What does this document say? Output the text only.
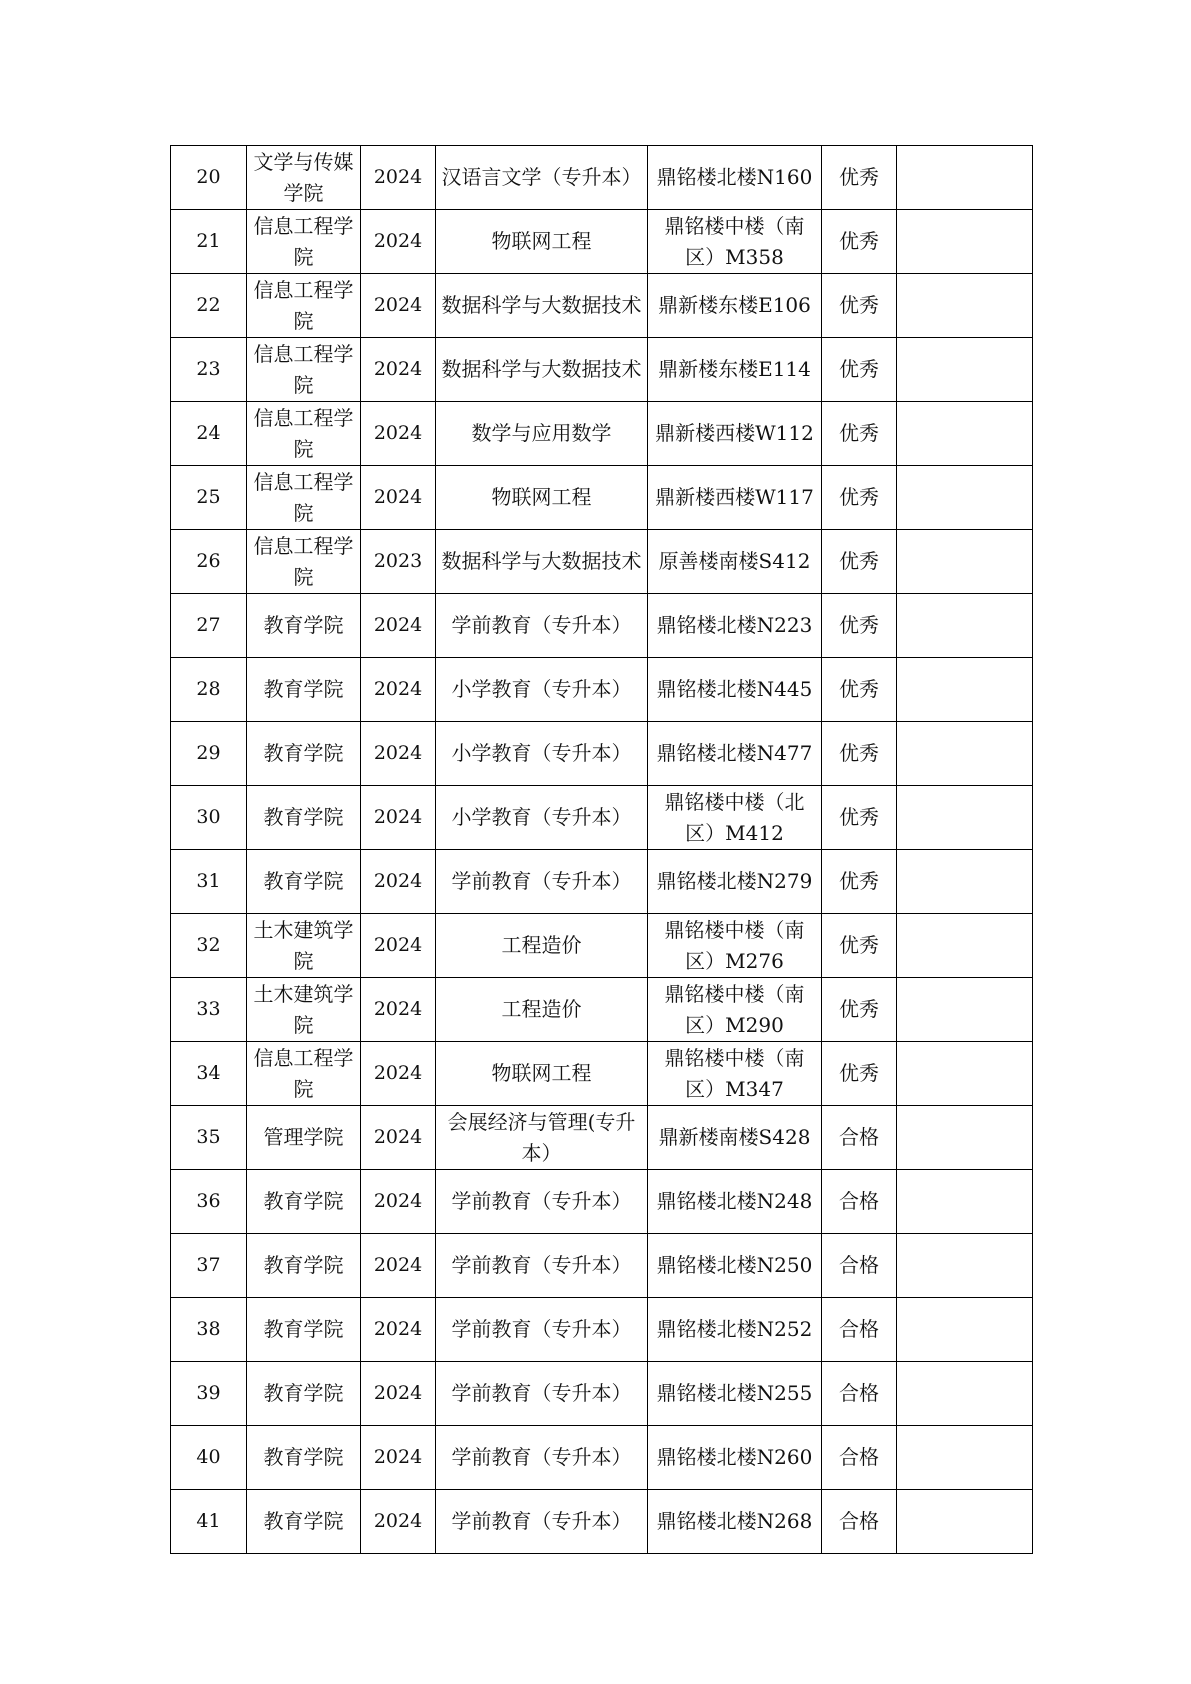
20	文学与传媒学院	2024	汉语言文学（专升本）	鼎铭楼北楼N160	优秀	
21	信息工程学院	2024	物联网工程	鼎铭楼中楼（南区）M358	优秀	
22	信息工程学院	2024	数据科学与大数据技术	鼎新楼东楼E106	优秀	
23	信息工程学院	2024	数据科学与大数据技术	鼎新楼东楼E114	优秀	
24	信息工程学院	2024	数学与应用数学	鼎新楼西楼W112	优秀	
25	信息工程学院	2024	物联网工程	鼎新楼西楼W117	优秀	
26	信息工程学院	2023	数据科学与大数据技术	原善楼南楼S412	优秀	
27	教育学院	2024	学前教育（专升本）	鼎铭楼北楼N223	优秀	
28	教育学院	2024	小学教育（专升本）	鼎铭楼北楼N445	优秀	
29	教育学院	2024	小学教育（专升本）	鼎铭楼北楼N477	优秀	
30	教育学院	2024	小学教育（专升本）	鼎铭楼中楼（北区）M412	优秀	
31	教育学院	2024	学前教育（专升本）	鼎铭楼北楼N279	优秀	
32	土木建筑学院	2024	工程造价	鼎铭楼中楼（南区）M276	优秀	
33	土木建筑学院	2024	工程造价	鼎铭楼中楼（南区）M290	优秀	
34	信息工程学院	2024	物联网工程	鼎铭楼中楼（南区）M347	优秀	
35	管理学院	2024	会展经济与管理(专升本）	鼎新楼南楼S428	合格	
36	教育学院	2024	学前教育（专升本）	鼎铭楼北楼N248	合格	
37	教育学院	2024	学前教育（专升本）	鼎铭楼北楼N250	合格	
38	教育学院	2024	学前教育（专升本）	鼎铭楼北楼N252	合格	
39	教育学院	2024	学前教育（专升本）	鼎铭楼北楼N255	合格	
40	教育学院	2024	学前教育（专升本）	鼎铭楼北楼N260	合格	
41	教育学院	2024	学前教育（专升本）	鼎铭楼北楼N268	合格	
